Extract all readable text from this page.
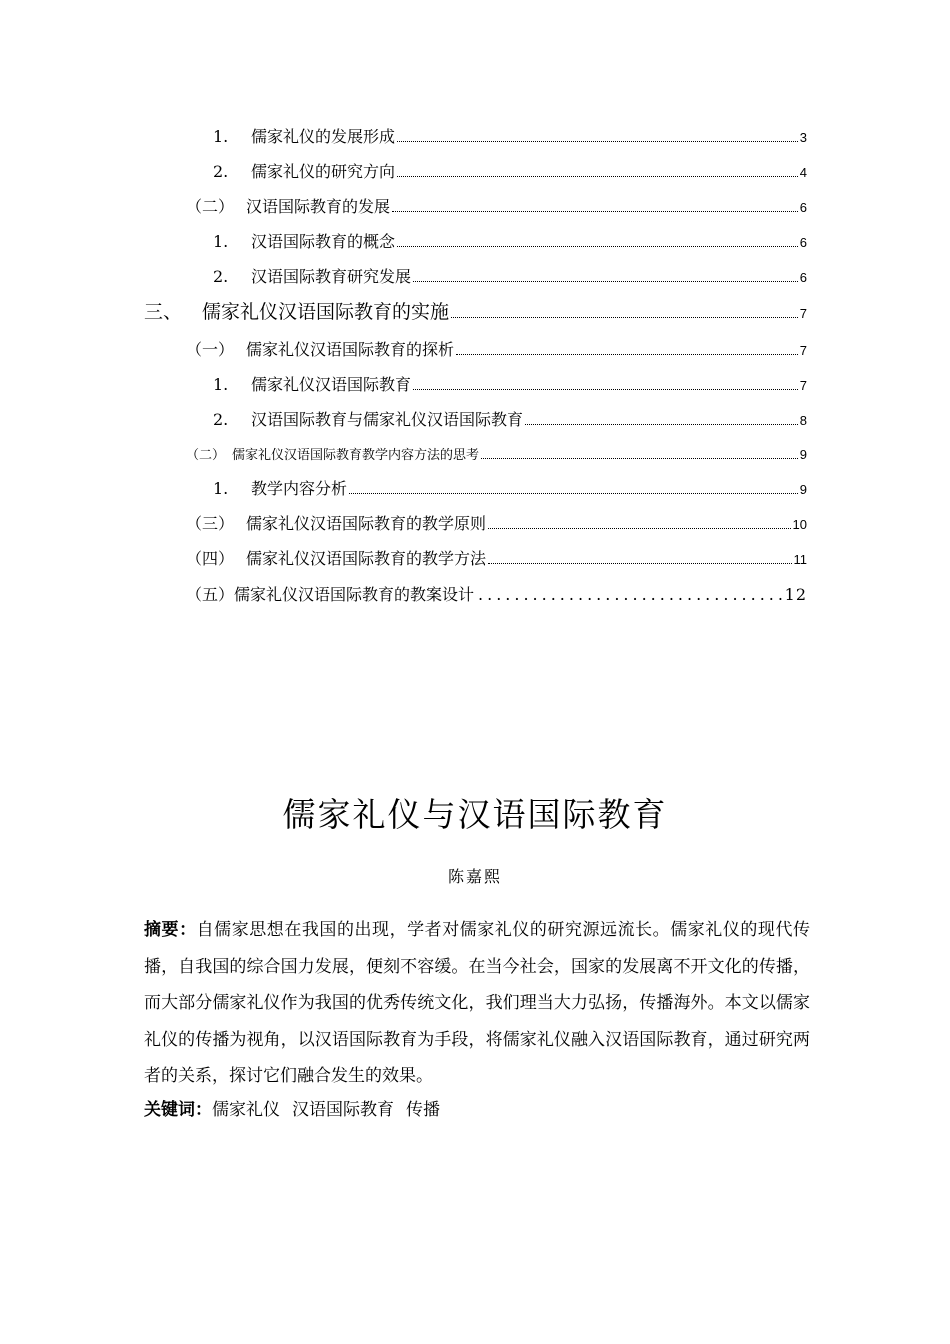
1.	儒家礼仪的发展形成	3
2.	儒家礼仪的研究方向	4
（二） 汉语国际教育的发展	6
1.	汉语国际教育的概念	6
2.	汉语国际教育研究发展	6
三、	儒家礼仪汉语国际教育的实施	7
（一） 儒家礼仪汉语国际教育的探析	7
1.	儒家礼仪汉语国际教育	7
2.	汉语国际教育与儒家礼仪汉语国际教育	8
（二） 儒家礼仪汉语国际教育教学内容方法的思考	9
1.	教学内容分析	9
（三） 儒家礼仪汉语国际教育的教学原则	10
（四） 儒家礼仪汉语国际教育的教学方法	11
（五） 儒家礼仪汉语国际教育的教案设计 .....	12
儒家礼仪与汉语国际教育
陈嘉熙
摘要：自儒家思想在我国的出现，学者对儒家礼仪的研究源远流长。儒家礼仪的现代传播，自我国的综合国力发展，便刻不容缓。在当今社会，国家的发展离不开文化的传播，而大部分儒家礼仪作为我国的优秀传统文化，我们理当大力弘扬，传播海外。本文以儒家礼仪的传播为视角，以汉语国际教育为手段，将儒家礼仪融入汉语国际教育，通过研究两者的关系，探讨它们融合发生的效果。
关键词：儒家礼仪 汉语国际教育 传播
